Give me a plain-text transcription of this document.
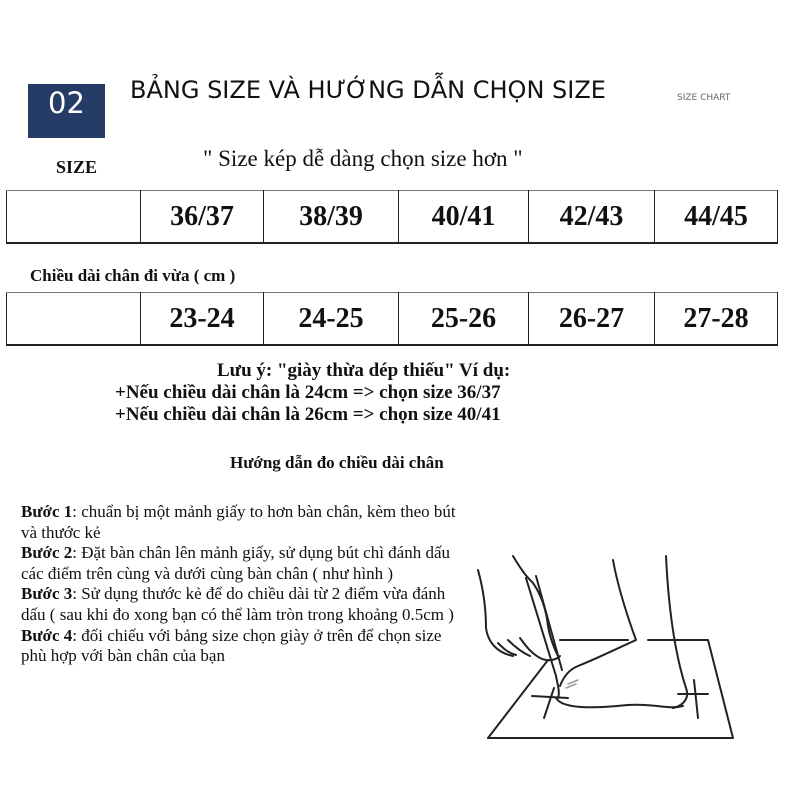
02 BẢNG SIZE VÀ HƯỚNG DẪN CHỌN SIZE	SIZE CHART
SIZE	" Size kép dễ dàng chọn size hơn "
	36/37	38/39	40/41	42/43	44/45
Chiều dài chân đi vừa ( cm )
	23-24	24-25	25-26	26-27	27-28
Lưu ý: "giày thừa dép thiếu" Ví dụ:
+Nếu chiều dài chân là 24cm => chọn size 36/37
+Nếu chiều dài chân là 26cm => chọn size 40/41
Hướng dẫn đo chiều dài chân
Bước 1: chuẩn bị một mảnh giấy to hơn bàn chân, kèm theo bút và thước kẻ
Bước 2: Đặt bàn chân lên mảnh giấy, sử dụng bút chì đánh dấu các điểm trên cùng và dưới cùng bàn chân ( như hình )
Bước 3: Sử dụng thước kẻ để do chiều dài từ 2 điểm vừa đánh dấu ( sau khi đo xong bạn có thể làm tròn trong khoảng 0.5cm )
Bước 4: đối chiếu với bảng size chọn giày ở trên để chọn size phù hợp với bàn chân của bạn
